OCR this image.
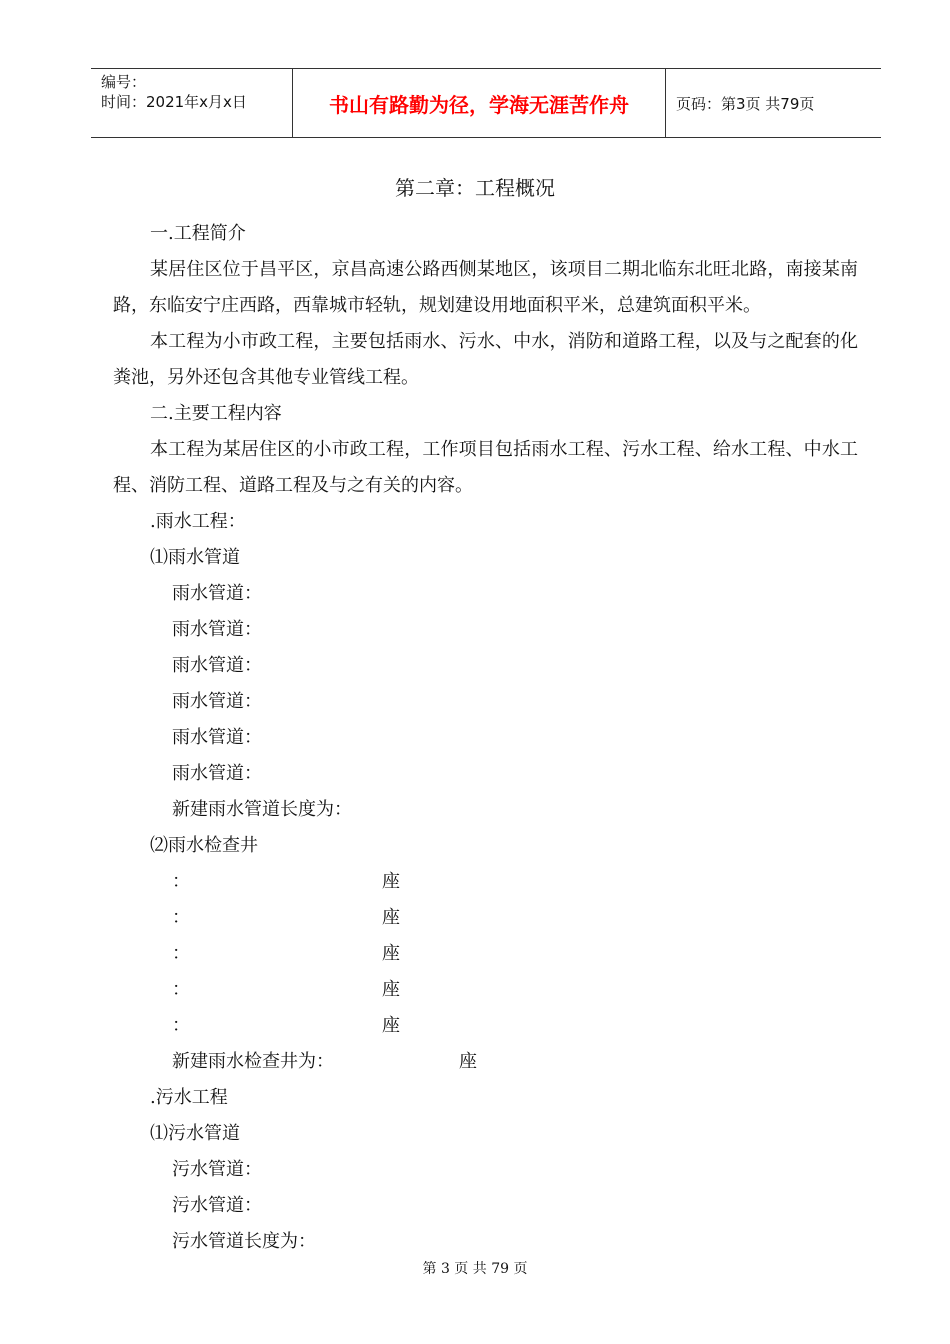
编号：
时间：2021年x月x日	书山有路勤为径，学海无涯苦作舟	页码：第3页 共79页
第二章：工程概况
一.工程简介
某居住区位于昌平区，京昌高速公路西侧某地区，该项目二期北临东北旺北路，南接某南路，东临安宁庄西路，西靠城市轻轨，规划建设用地面积平米，总建筑面积平米。
本工程为小市政工程，主要包括雨水、污水、中水，消防和道路工程，以及与之配套的化粪池，另外还包含其他专业管线工程。
二.主要工程内容
本工程为某居住区的小市政工程，工作项目包括雨水工程、污水工程、给水工程、中水工程、消防工程、道路工程及与之有关的内容。
.雨水工程：
⑴雨水管道
雨水管道：
雨水管道：
雨水管道：
雨水管道：
雨水管道：
雨水管道：
新建雨水管道长度为：
⑵雨水检查井
：	座
：	座
：	座
：	座
：	座
新建雨水检查井为：	座
.污水工程
⑴污水管道
污水管道：
污水管道：
污水管道长度为：
第 3 页 共 79 页
